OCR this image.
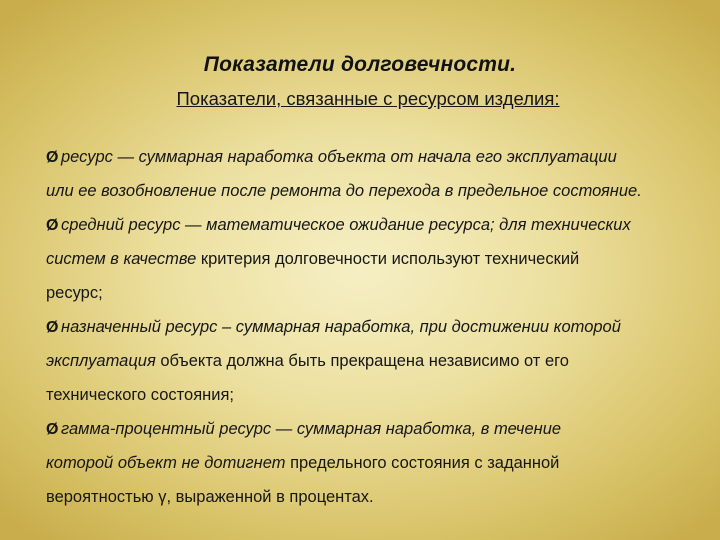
Показатели долговечности.
Показатели, связанные с ресурсом изделия:
Ø ресурс — суммарная наработка объекта от начала его эксплуатации
или ее возобновление после ремонта до перехода в предельное состояние.
Ø средний ресурс — математическое ожидание ресурса; для технических
систем в качестве критерия долговечности используют технический
ресурс;
Ø назначенный ресурс – суммарная наработка, при достижении которой
эксплуатация объекта должна быть прекращена независимо от его
технического состояния;
Ø гамма-процентный ресурс — суммарная наработка, в течение
которой объект не дотигнет предельного состояния с заданной
вероятностью γ, выраженной в процентах.
